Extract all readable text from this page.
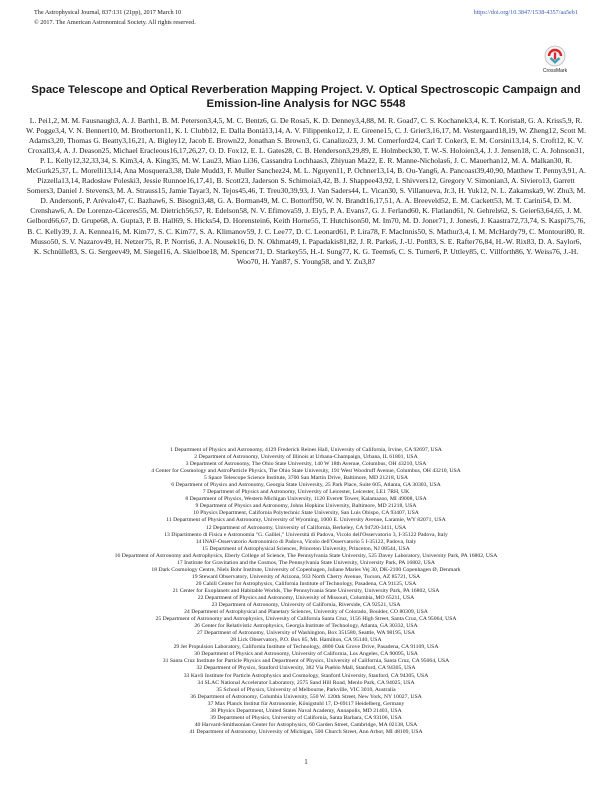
The Astrophysical Journal, 837:131 (21pp), 2017 March 10	https://doi.org/10.3847/1538-4357/aa5eb1
© 2017. The American Astronomical Society. All rights reserved.
CrossMark
Space Telescope and Optical Reverberation Mapping Project. V. Optical Spectroscopic Campaign and Emission-line Analysis for NGC 5548
L. Pei1,2, M. M. Fausnaugh3, A. J. Barth1, B. M. Peterson3,4,5, M. C. Bentz6, G. De Rosa5, K. D. Denney3,4,88, M. R. Goad7, C. S. Kochanek3,4, K. T. Korista8, G. A. Kriss5,9, R. W. Pogge3,4, V. N. Bennert10, M. Brotherton11, K. I. Clubb12, E. Dalla Bontà13,14, A. V. Filippenko12, J. E. Greene15, C. J. Grier3,16,17, M. Vestergaard18,19, W. Zheng12, Scott M. Adams3,20, Thomas G. Beatty3,16,21, A. Bigley12, Jacob E. Brown22, Jonathan S. Brown3, G. Canalizo23, J. M. Comerford24, Carl T. Coker3, E. M. Corsini13,14, S. Croft12, K. V. Croxall3,4, A. J. Deason25, Michael Eracleous16,17,26,27, O. D. Fox12, E. L. Gates28, C. B. Henderson3,29,89, E. Holmbeck30, T. W.-S. Holoien3,4, J. J. Jensen18, C. A. Johnson31, P. L. Kelly12,32,33,34, S. Kim3,4, A. King35, M. W. Lau23, Miao Li36, Cassandra Lochhaas3, Zhiyuan Ma22, E. R. Manne-Nicholas6, J. C. Mauerhan12, M. A. Malkan30, R. McGurk25,37, L. Morelli13,14, Ana Mosquera3,38, Dale Mudd3, F. Muller Sanchez24, M. L. Nguyen11, P. Ochner13,14, B. Ou-Yang6, A. Pancoast39,40,90, Matthew T. Penny3,91, A. Pizzella13,14, Radosław Poleski3, Jessie Runnoe16,17,41, B. Scott23, Jaderson S. Schimoia3,42, B. J. Shappee43,92, I. Shivvers12, Gregory V. Simonian3, A. Siviero13, Garrett Somers3, Daniel J. Stevens3, M. A. Strauss15, Jamie Tayar3, N. Tejos45,46, T. Treu30,39,93, J. Van Saders44, L. Vican30, S. Villanueva, Jr.3, H. Yuk12, N. L. Zakamska9, W. Zhu3, M. D. Anderson6, P. Arévalo47, C. Bazhaw6, S. Bisogni3,48, G. A. Borman49, M. C. Bottorff50, W. N. Brandt16,17,51, A. A. Breeveld52, E. M. Cackett53, M. T. Carini54, D. M. Crenshaw6, A. De Lorenzo-Cáceres55, M. Dietrich56,57, R. Edelson58, N. V. Efimova59, J. Ely5, P. A. Evans7, G. J. Ferland60, K. Flatland61, N. Gehrels62, S. Geier63,64,65, J. M. Gelbord66,67, D. Grupe68, A. Gupta3, P. B. Hall69, S. Hicks54, D. Horenstein6, Keith Horne55, T. Hutchison50, M. Im70, M. D. Joner71, J. Jones6, J. Kaastra72,73,74, S. Kaspi75,76, B. C. Kelly39, J. A. Kennea16, M. Kim77, S. C. Kim77, S. A. Klimanov59, J. C. Lee77, D. C. Leonard61, P. Lira78, F. MacInnis50, S. Mathur3,4, I. M. McHardy79, C. Montouri80, R. Musso50, S. V. Nazarov49, H. Netzer75, R. P. Norris6, J. A. Nousek16, D. N. Okhmat49, I. Papadakis81,82, J. R. Parks6, J.-U. Pott83, S. E. Rafter76,84, H.-W. Rix83, D. A. Saylor6, K. Schnülle83, S. G. Sergeev49, M. Siegel16, A. Skielboe18, M. Spencer71, D. Starkey55, H.-I. Sung77, K. G. Teems6, C. S. Turner6, P. Uttley85, C. Villforth86, Y. Weiss76, J.-H. Woo70, H. Yan87, S. Young58, and Y. Zu3,87
1 Department of Physics and Astronomy, 4129 Frederick Reines Hall, University of California, Irvine, CA 92697, USA
2 Department of Astronomy, University of Illinois at Urbana-Champaign, Urbana, IL 61801, USA
3 Department of Astronomy, The Ohio State University, 140 W 18th Avenue, Columbus, OH 43210, USA
4 Center for Cosmology and AstroParticle Physics, The Ohio State University, 191 West Woodruff Avenue, Columbus, OH 43210, USA
5 Space Telescope Science Institute, 3700 San Martin Drive, Baltimore, MD 21218, USA
6 Department of Physics and Astronomy, Georgia State University, 25 Park Place, Suite 605, Atlanta, GA 30303, USA
7 Department of Physics and Astronomy, University of Leicester, Leicester, LE1 7RH, UK
8 Department of Physics, Western Michigan University, 1120 Everett Tower, Kalamazoo, MI 49008, USA
9 Department of Physics and Astronomy, Johns Hopkins University, Baltimore, MD 21218, USA
10 Physics Department, California Polytechnic State University, San Luis Obispo, CA 93407, USA
11 Department of Physics and Astronomy, University of Wyoming, 1000 E. University Avenue, Laramie, WY 82071, USA
12 Department of Astronomy, University of California, Berkeley, CA 94720-3411, USA
13 Dipartimento di Fisica e Astronomia "G. Galilei," Università di Padova, Vicolo dell'Osservatorio 3, I-35122 Padova, Italy
14 INAF-Osservatorio Astronomico di Padova, Vicolo dell'Osservatorio 5 I-35122, Padova, Italy
15 Department of Astrophysical Sciences, Princeton University, Princeton, NJ 08544, USA
16 Department of Astronomy and Astrophysics, Eberly College of Science, The Pennsylvania State University, 525 Davey Laboratory, University Park, PA 16802, USA
17 Institute for Gravitation and the Cosmos, The Pennsylvania State University, University Park, PA 16802, USA
18 Dark Cosmology Centre, Niels Bohr Institute, University of Copenhagen, Juliane Maries Vej 30, DK-2100 Copenhagen Ø, Denmark
19 Steward Observatory, University of Arizona, 933 North Cherry Avenue, Tucson, AZ 85721, USA
20 Cahill Center for Astrophysics, California Institute of Technology, Pasadena, CA 91125, USA
21 Center for Exoplanets and Habitable Worlds, The Pennsylvania State University, University Park, PA 16802, USA
22 Department of Physics and Astronomy, University of Missouri, Columbia, MO 65211, USA
23 Department of Astronomy, University of California, Riverside, CA 92521, USA
24 Department of Astrophysical and Planetary Sciences, University of Colorado, Boulder, CO 80309, USA
25 Department of Astronomy and Astrophysics, University of California Santa Cruz, 1156 High Street, Santa Cruz, CA 95064, USA
26 Center for Relativistic Astrophysics, Georgia Institute of Technology, Atlanta, GA 30332, USA
27 Department of Astronomy, University of Washington, Box 351580, Seattle, WA 98195, USA
28 Lick Observatory, P.O. Box 85, Mt. Hamilton, CA 95140, USA
29 Jet Propulsion Laboratory, California Institute of Technology, 4800 Oak Grove Drive, Pasadena, CA 91109, USA
30 Department of Physics and Astronomy, University of California, Los Angeles, CA 90095, USA
31 Santa Cruz Institute for Particle Physics and Department of Physics, University of California, Santa Cruz, CA 95064, USA
32 Department of Physics, Stanford University, 382 Via Pueblo Mall, Stanford, CA 94305, USA
33 Kavli Institute for Particle Astrophysics and Cosmology, Stanford University, Stanford, CA 94305, USA
34 SLAC National Accelerator Laboratory, 2575 Sand Hill Road, Menlo Park, CA 94025, USA
35 School of Physics, University of Melbourne, Parkville, VIC 3010, Australia
36 Department of Astronomy, Columbia University, 550 W. 120th Street, New York, NY 10027, USA
37 Max Planck Institut für Astronomie, Königstuhl 17, D-69117 Heidelberg, Germany
38 Physics Department, United States Naval Academy, Annapolis, MD 21403, USA
39 Department of Physics, University of California, Santa Barbara, CA 93106, USA
40 Harvard-Smithsonian Center for Astrophysics, 60 Garden Street, Cambridge, MA 02138, USA
41 Department of Astronomy, University of Michigan, 500 Church Street, Ann Arbor, MI 48109, USA
1
